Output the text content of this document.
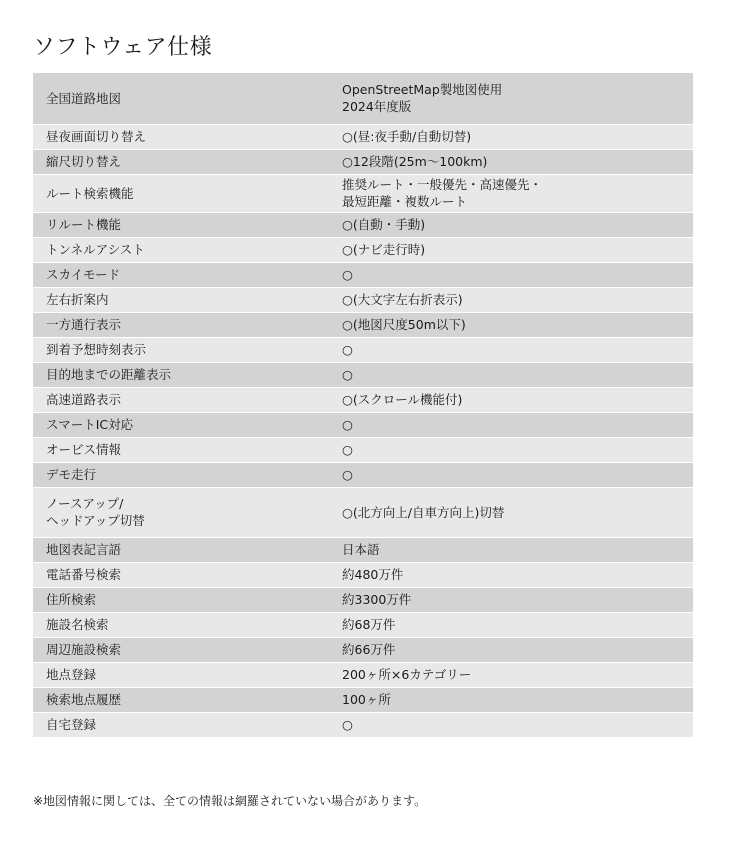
ソフトウェア仕様
全国道路地図	OpenStreetMap製地図使用
2024年度版
昼夜画面切り替え	○(昼:夜手動/自動切替)
縮尺切り替え	○12段階(25m〜100km)
ルート検索機能	推奨ルート・一般優先・高速優先・
最短距離・複数ルート
リルート機能	○(自動・手動)
トンネルアシスト	○(ナビ走行時)
スカイモード	○
左右折案内	○(大文字左右折表示)
一方通行表示	○(地図尺度50m以下)
到着予想時刻表示	○
目的地までの距離表示	○
高速道路表示	○(スクロール機能付)
スマートIC対応	○
オービス情報	○
デモ走行	○
ノースアップ/
ヘッドアップ切替	○(北方向上/自車方向上)切替
地図表記言語	日本語
電話番号検索	約480万件
住所検索	約3300万件
施設名検索	約68万件
周辺施設検索	約66万件
地点登録	200ヶ所×6カテゴリー
検索地点履歴	100ヶ所
自宅登録	○
※地図情報に関しては、全ての情報は網羅されていない場合があります。
